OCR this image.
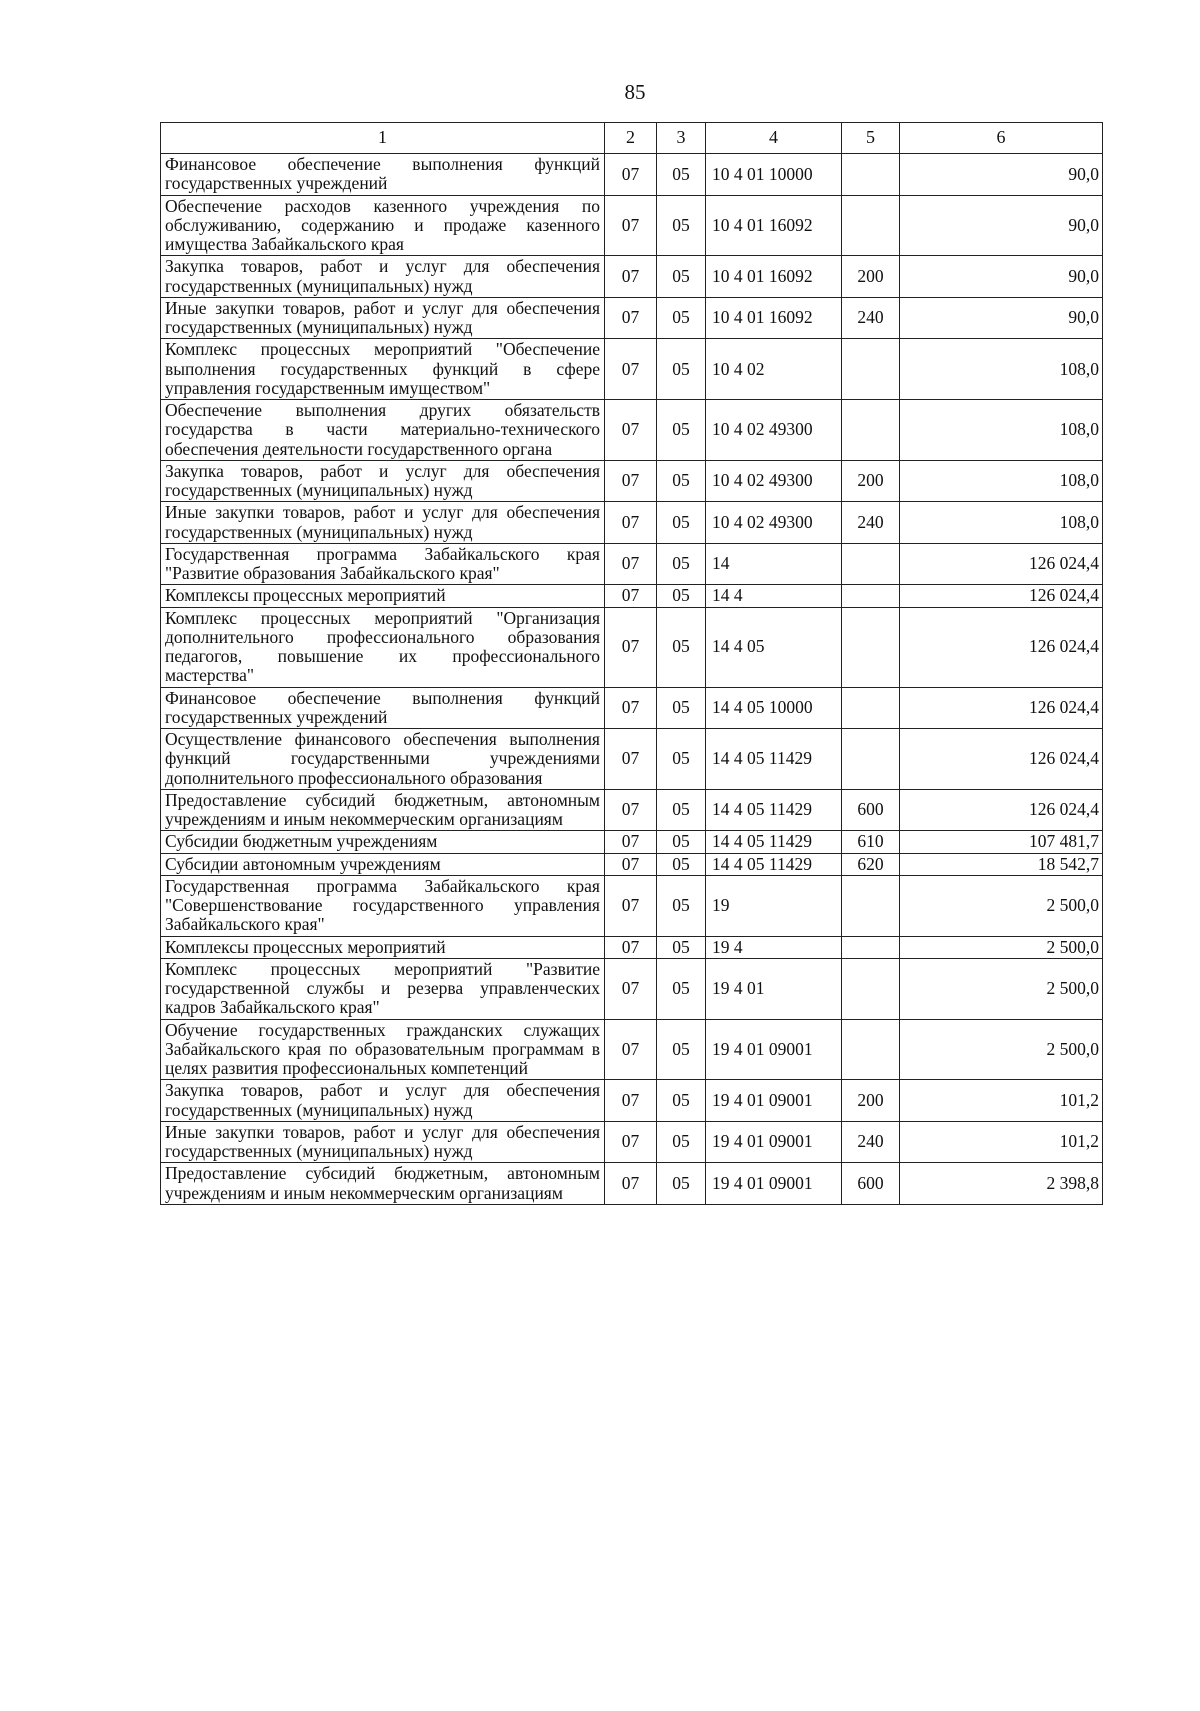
85
1	2	3	4	5	6
Финансовое обеспечение выполнения функций государственных учреждений	07	05	10 4 01 10000		90,0
Обеспечение расходов казенного учреждения по обслуживанию, содержанию и продаже казенного имущества Забайкальского края	07	05	10 4 01 16092		90,0
Закупка товаров, работ и услуг для обеспечения государственных (муниципальных) нужд	07	05	10 4 01 16092	200	90,0
Иные закупки товаров, работ и услуг для обеспечения государственных (муниципальных) нужд	07	05	10 4 01 16092	240	90,0
Комплекс процессных мероприятий "Обеспечение выполнения государственных функций в сфере управления государственным имуществом"	07	05	10 4 02		108,0
Обеспечение выполнения других обязательств государства в части материально-технического обеспечения деятельности государственного органа	07	05	10 4 02 49300		108,0
Закупка товаров, работ и услуг для обеспечения государственных (муниципальных) нужд	07	05	10 4 02 49300	200	108,0
Иные закупки товаров, работ и услуг для обеспечения государственных (муниципальных) нужд	07	05	10 4 02 49300	240	108,0
Государственная программа Забайкальского края "Развитие образования Забайкальского края"	07	05	14		126 024,4
Комплексы процессных мероприятий	07	05	14 4		126 024,4
Комплекс процессных мероприятий "Организация дополнительного профессионального образования педагогов, повышение их профессионального мастерства"	07	05	14 4 05		126 024,4
Финансовое обеспечение выполнения функций государственных учреждений	07	05	14 4 05 10000		126 024,4
Осуществление финансового обеспечения выполнения функций государственными учреждениями дополнительного профессионального образования	07	05	14 4 05 11429		126 024,4
Предоставление субсидий бюджетным, автономным учреждениям и иным некоммерческим организациям	07	05	14 4 05 11429	600	126 024,4
Субсидии бюджетным учреждениям	07	05	14 4 05 11429	610	107 481,7
Субсидии автономным учреждениям	07	05	14 4 05 11429	620	18 542,7
Государственная программа Забайкальского края "Совершенствование государственного управления Забайкальского края"	07	05	19		2 500,0
Комплексы процессных мероприятий	07	05	19 4		2 500,0
Комплекс процессных мероприятий "Развитие государственной службы и резерва управленческих кадров Забайкальского края"	07	05	19 4 01		2 500,0
Обучение государственных гражданских служащих Забайкальского края по образовательным программам в целях развития профессиональных компетенций	07	05	19 4 01 09001		2 500,0
Закупка товаров, работ и услуг для обеспечения государственных (муниципальных) нужд	07	05	19 4 01 09001	200	101,2
Иные закупки товаров, работ и услуг для обеспечения государственных (муниципальных) нужд	07	05	19 4 01 09001	240	101,2
Предоставление субсидий бюджетным, автономным учреждениям и иным некоммерческим организациям	07	05	19 4 01 09001	600	2 398,8
